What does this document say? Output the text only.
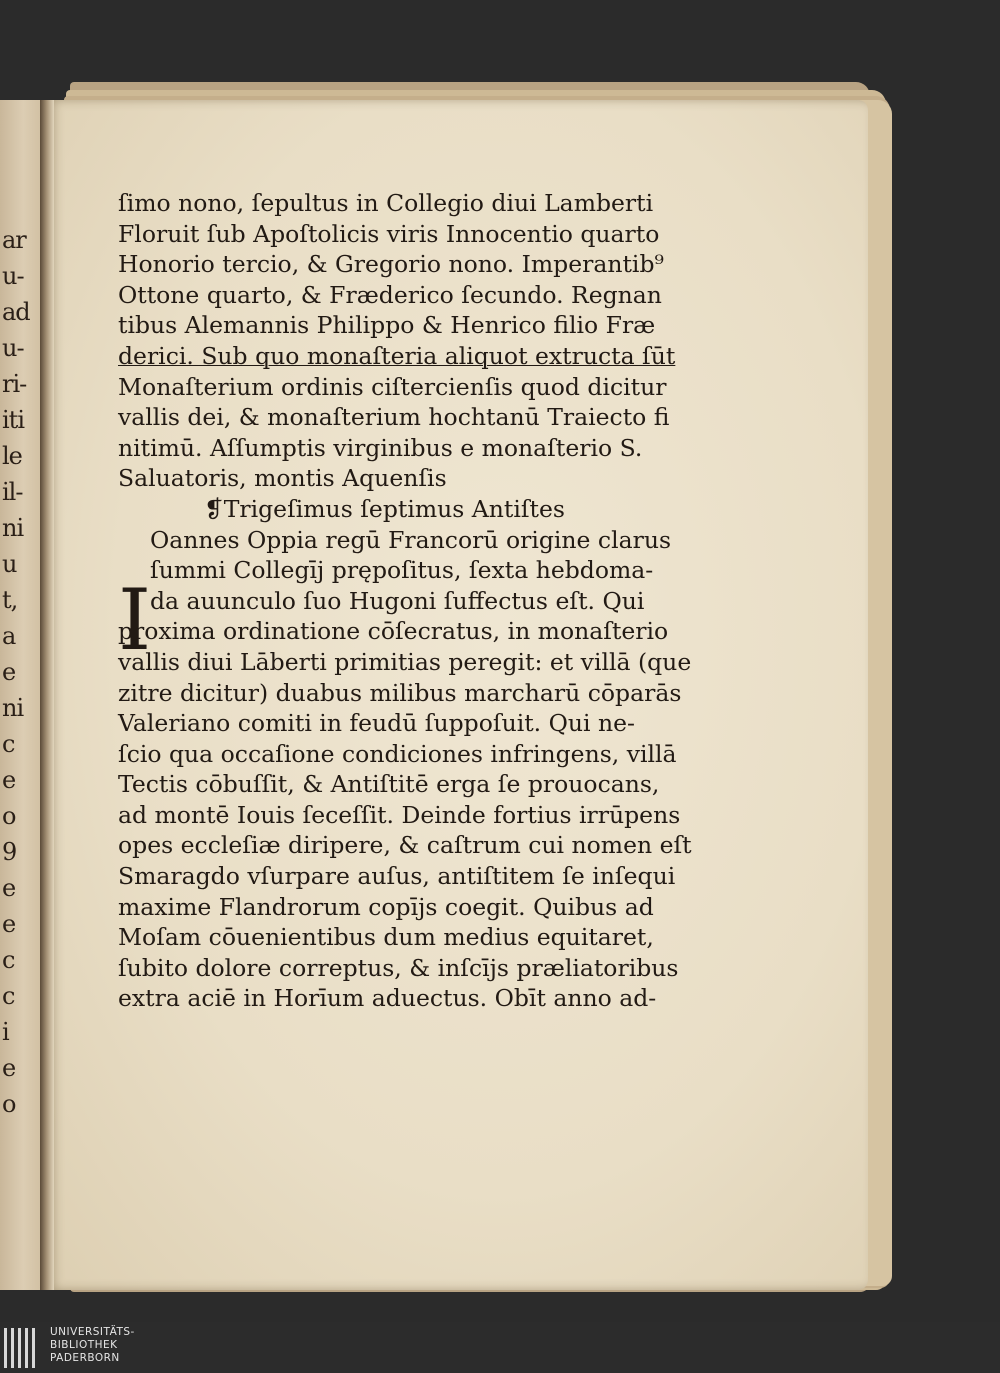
ar
u-
ad
u-
ri-
iti
le
il-
ni
u
t,
a
e
ni
c
e
o
9
e
e
c
c
i
e
o
ſimo nono, ſepultus in Collegio diui Lamberti
Floruit ſub Apoſtolicis viris Innocentio quarto
Honorio tercio, & Gregorio nono. Imperantib⁹
Ottone quarto, & Fræderico ſecundo. Regnan
tibus Alemannis Philippo & Henrico filio Fræ
derici. Sub quo monaſteria aliquot extructa ſūt
Monaſterium ordinis ciſtercienſis quod dicitur
vallis dei, & monaſterium hochtanū Traiecto fi
nitimū. Aſſumptis virginibus e monaſterio S.
Saluatoris, montis Aquenſis
❡Trigeſimus ſeptimus Antiſtes
Oannes Oppia regū Francorū origine clarus
ſummi Collegīj prępoſitus, ſexta hebdoma-
da auunculo ſuo Hugoni ſuffectus eſt. Qui
proxima ordinatione cōſecratus, in monaſterio
vallis diui Lāberti primitias peregit: et villā (que
zitre dicitur) duabus milibus marcharū cōparās
Valeriano comiti in feudū ſuppoſuit. Qui ne-
ſcio qua occaſione condiciones infringens, villā
Tectis cōbuſſit, & Antiſtitē erga ſe prouocans,
ad montē Iouis ſeceſſit. Deinde fortius irrūpens
opes eccleſiæ diripere, & caſtrum cui nomen eſt
Smaragdo vſurpare auſus, antiſtitem ſe inſequi
maxime Flandrorum copījs coegit. Quibus ad
Moſam cōuenientibus dum medius equitaret,
ſubito dolore correptus, & inſcījs præliatoribus
extra aciē in Horīum aduectus. Obīt anno ad-
I
UNIVERSITÄTS-
BIBLIOTHEK
PADERBORN
